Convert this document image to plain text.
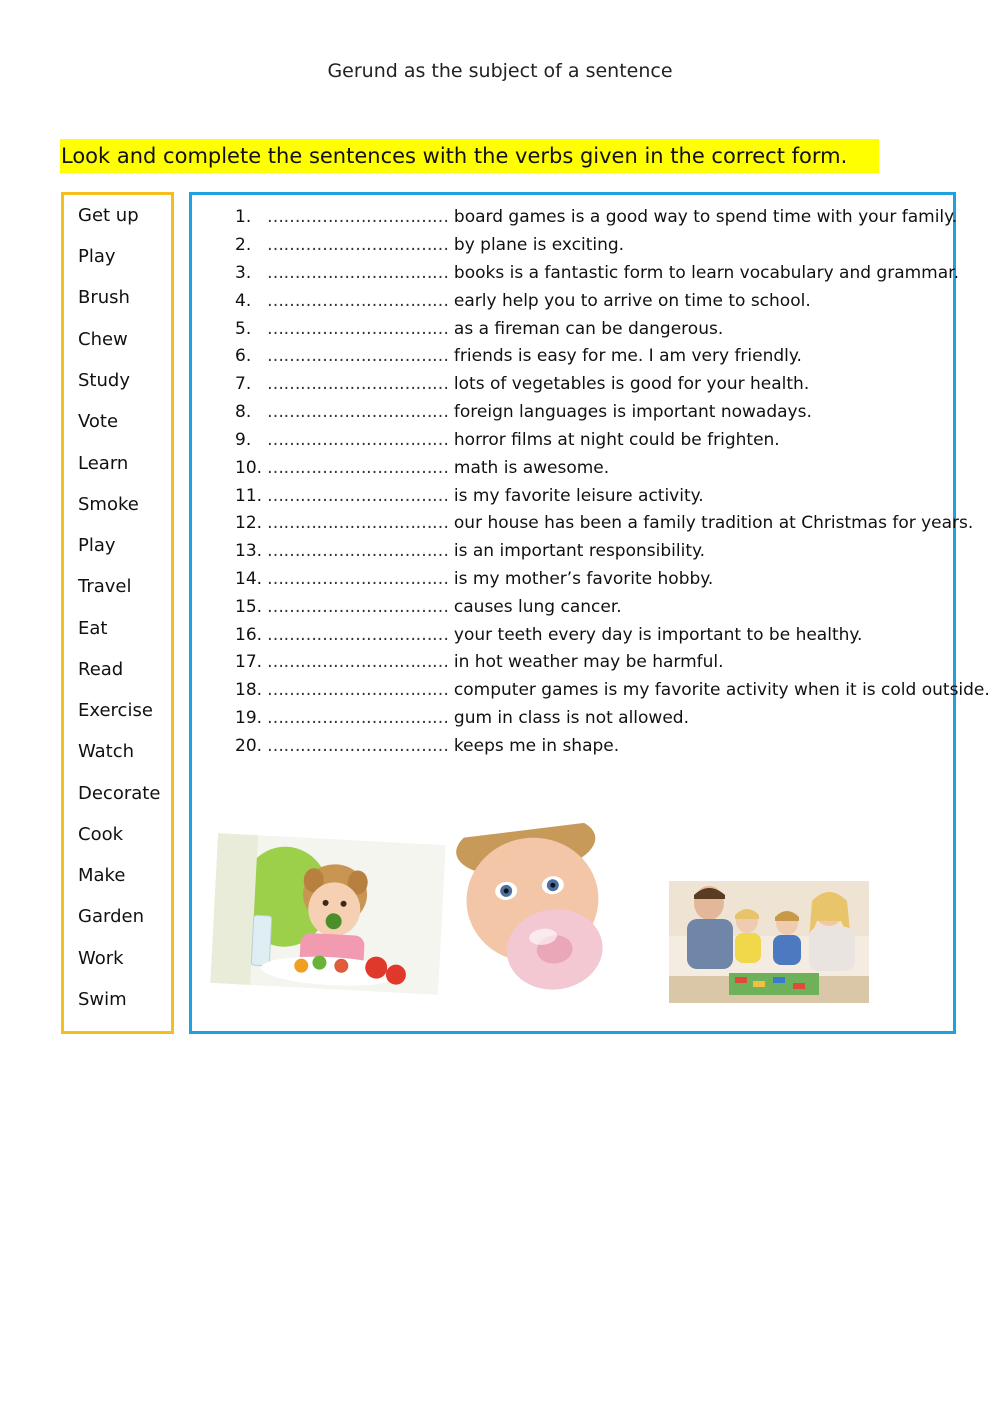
Gerund as the subject of a sentence
Look and complete the sentences with the verbs given in the correct form.
Get up
Play
Brush
Chew
Study
Vote
Learn
Smoke
Play
Travel
Eat
Read
Exercise
Watch
Decorate
Cook
Make
Garden
Work
Swim
1. …………………………… board games is a good way to spend time with your family.
2. …………………………… by plane is exciting.
3. …………………………… books is a fantastic form to learn vocabulary and grammar.
4. …………………………… early help you to arrive on time to school.
5. …………………………… as a fireman can be dangerous.
6. …………………………… friends is easy for me. I am very friendly.
7. …………………………… lots of vegetables is good for your health.
8. …………………………… foreign languages is important nowadays.
9. …………………………… horror films at night could be frighten.
10. …………………………… math is awesome.
11. …………………………… is my favorite leisure activity.
12. …………………………… our house has been a family tradition at Christmas for years.
13. …………………………… is an important responsibility.
14. …………………………… is my mother’s favorite hobby.
15. …………………………… causes lung cancer.
16. …………………………… your teeth every day is important to be healthy.
17. …………………………… in hot weather may be harmful.
18. …………………………… computer games is my favorite activity when it is cold outside.
19. …………………………… gum in class is not allowed.
20. …………………………… keeps me in shape.
